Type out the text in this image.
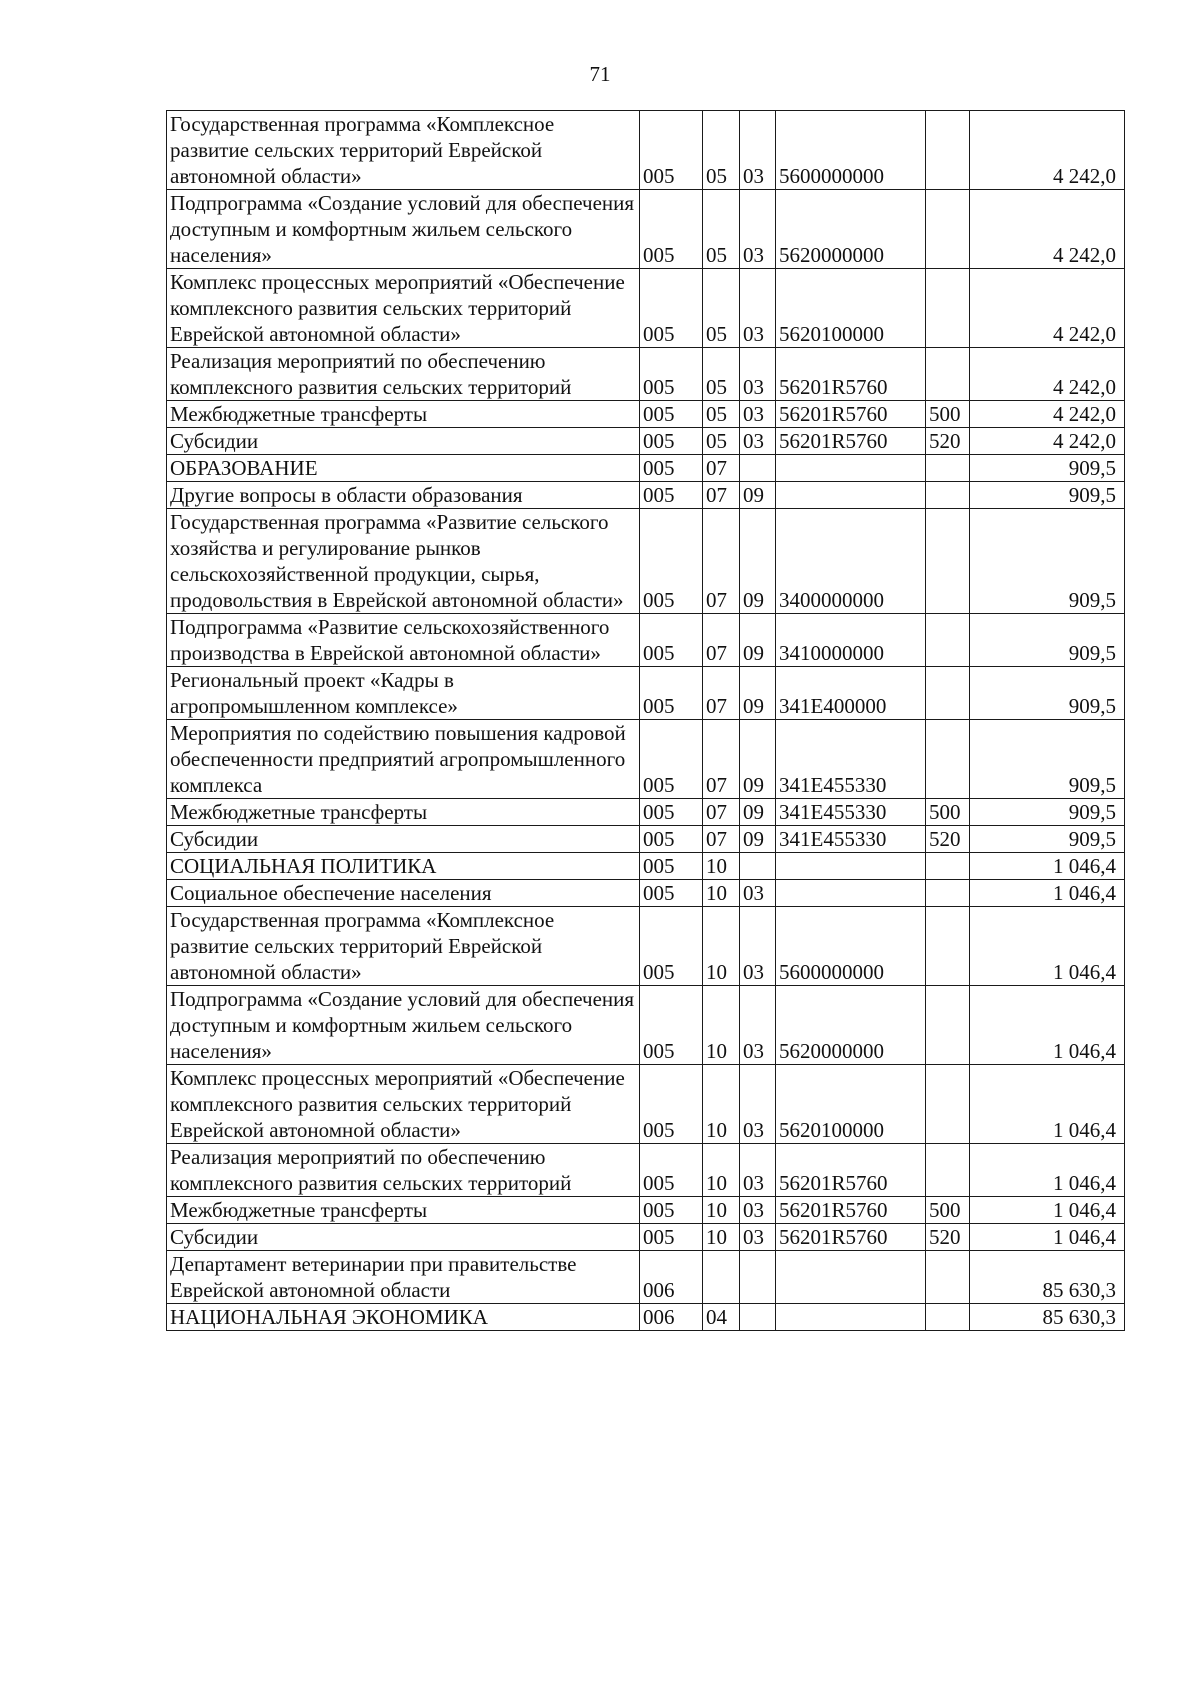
71
Государственная программа «Комплексное развитие сельских территорий Еврейской автономной области»	005	05	03	5600000000		4 242,0
Подпрограмма «Создание условий для обеспечения доступным и комфортным жильем сельского населения»	005	05	03	5620000000		4 242,0
Комплекс процессных мероприятий «Обеспечение комплексного развития сельских территорий Еврейской автономной области»	005	05	03	5620100000		4 242,0
Реализация мероприятий по обеспечению комплексного развития сельских территорий	005	05	03	56201R5760		4 242,0
Межбюджетные трансферты	005	05	03	56201R5760	500	4 242,0
Субсидии	005	05	03	56201R5760	520	4 242,0
ОБРАЗОВАНИЕ	005	07				909,5
Другие вопросы в области образования	005	07	09			909,5
Государственная программа «Развитие сельского хозяйства и регулирование рынков сельскохозяйственной продукции, сырья, продовольствия в Еврейской автономной области»	005	07	09	3400000000		909,5
Подпрограмма «Развитие сельскохозяйственного производства в Еврейской автономной области»	005	07	09	3410000000		909,5
Региональный проект «Кадры в агропромышленном комплексе»	005	07	09	341E400000		909,5
Мероприятия по содействию повышения кадровой обеспеченности предприятий агропромышленного комплекса	005	07	09	341E455330		909,5
Межбюджетные трансферты	005	07	09	341E455330	500	909,5
Субсидии	005	07	09	341E455330	520	909,5
СОЦИАЛЬНАЯ ПОЛИТИКА	005	10				1 046,4
Социальное обеспечение населения	005	10	03			1 046,4
Государственная программа «Комплексное развитие сельских территорий Еврейской автономной области»	005	10	03	5600000000		1 046,4
Подпрограмма «Создание условий для обеспечения доступным и комфортным жильем сельского населения»	005	10	03	5620000000		1 046,4
Комплекс процессных мероприятий «Обеспечение комплексного развития сельских территорий Еврейской автономной области»	005	10	03	5620100000		1 046,4
Реализация мероприятий по обеспечению комплексного развития сельских территорий	005	10	03	56201R5760		1 046,4
Межбюджетные трансферты	005	10	03	56201R5760	500	1 046,4
Субсидии	005	10	03	56201R5760	520	1 046,4
Департамент ветеринарии при правительстве Еврейской автономной области	006					85 630,3
НАЦИОНАЛЬНАЯ ЭКОНОМИКА	006	04				85 630,3
